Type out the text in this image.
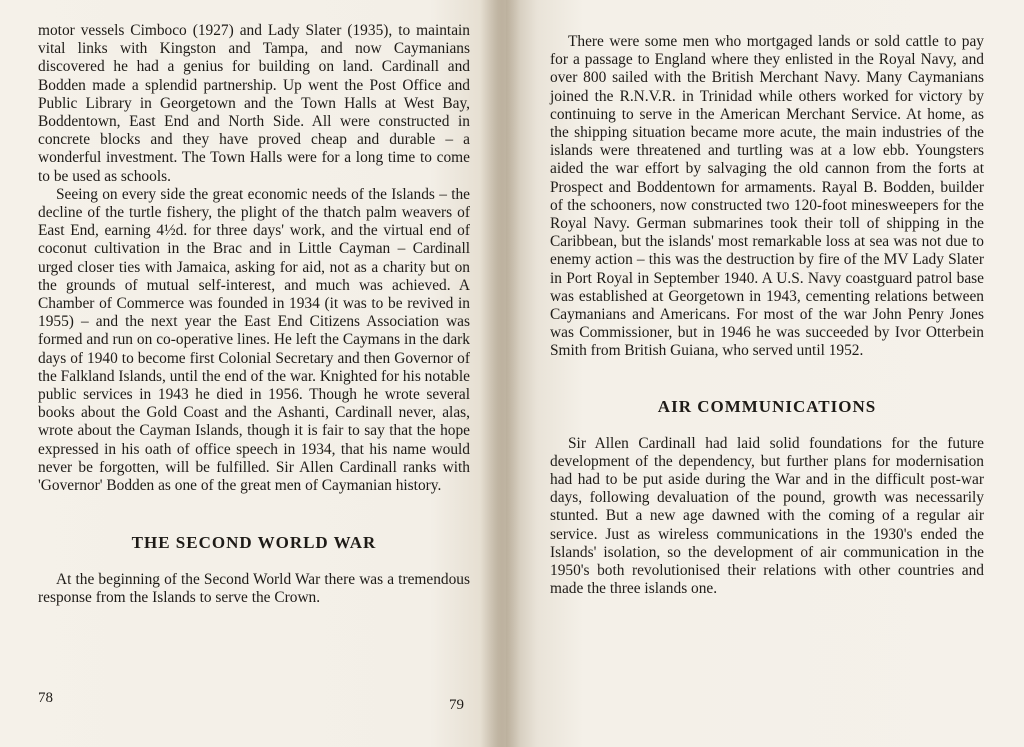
motor vessels Cimboco (1927) and Lady Slater (1935), to maintain vital links with Kingston and Tampa, and now Caymanians discovered he had a genius for building on land. Cardinall and Bodden made a splendid partnership. Up went the Post Office and Public Library in Georgetown and the Town Halls at West Bay, Boddentown, East End and North Side. All were constructed in concrete blocks and they have proved cheap and durable – a wonderful investment. The Town Halls were for a long time to come to be used as schools.

Seeing on every side the great economic needs of the Islands – the decline of the turtle fishery, the plight of the thatch palm weavers of East End, earning 4½d. for three days' work, and the virtual end of coconut cultivation in the Brac and in Little Cayman – Cardinall urged closer ties with Jamaica, asking for aid, not as a charity but on the grounds of mutual self-interest, and much was achieved. A Chamber of Commerce was founded in 1934 (it was to be revived in 1955) – and the next year the East End Citizens Association was formed and run on co-operative lines. He left the Caymans in the dark days of 1940 to become first Colonial Secretary and then Governor of the Falkland Islands, until the end of the war. Knighted for his notable public services in 1943 he died in 1956. Though he wrote several books about the Gold Coast and the Ashanti, Cardinall never, alas, wrote about the Cayman Islands, though it is fair to say that the hope expressed in his oath of office speech in 1934, that his name would never be forgotten, will be fulfilled. Sir Allen Cardinall ranks with 'Governor' Bodden as one of the great men of Caymanian history.

THE SECOND WORLD WAR

At the beginning of the Second World War there was a tremendous response from the Islands to serve the Crown.

78

There were some men who mortgaged lands or sold cattle to pay for a passage to England where they enlisted in the Royal Navy, and over 800 sailed with the British Merchant Navy. Many Caymanians joined the R.N.V.R. in Trinidad while others worked for victory by continuing to serve in the American Merchant Service. At home, as the shipping situation became more acute, the main industries of the islands were threatened and turtling was at a low ebb. Youngsters aided the war effort by salvaging the old cannon from the forts at Prospect and Boddentown for armaments. Rayal B. Bodden, builder of the schooners, now constructed two 120-foot minesweepers for the Royal Navy. German submarines took their toll of shipping in the Caribbean, but the islands' most remarkable loss at sea was not due to enemy action – this was the destruction by fire of the MV Lady Slater in Port Royal in September 1940. A U.S. Navy coastguard patrol base was established at Georgetown in 1943, cementing relations between Caymanians and Americans. For most of the war John Penry Jones was Commissioner, but in 1946 he was succeeded by Ivor Otterbein Smith from British Guiana, who served until 1952.

AIR COMMUNICATIONS

Sir Allen Cardinall had laid solid foundations for the future development of the dependency, but further plans for modernisation had had to be put aside during the War and in the difficult post-war days, following devaluation of the pound, growth was necessarily stunted. But a new age dawned with the coming of a regular air service. Just as wireless communications in the 1930's ended the Islands' isolation, so the development of air communication in the 1950's both revolutionised their relations with other countries and made the three islands one.

79
